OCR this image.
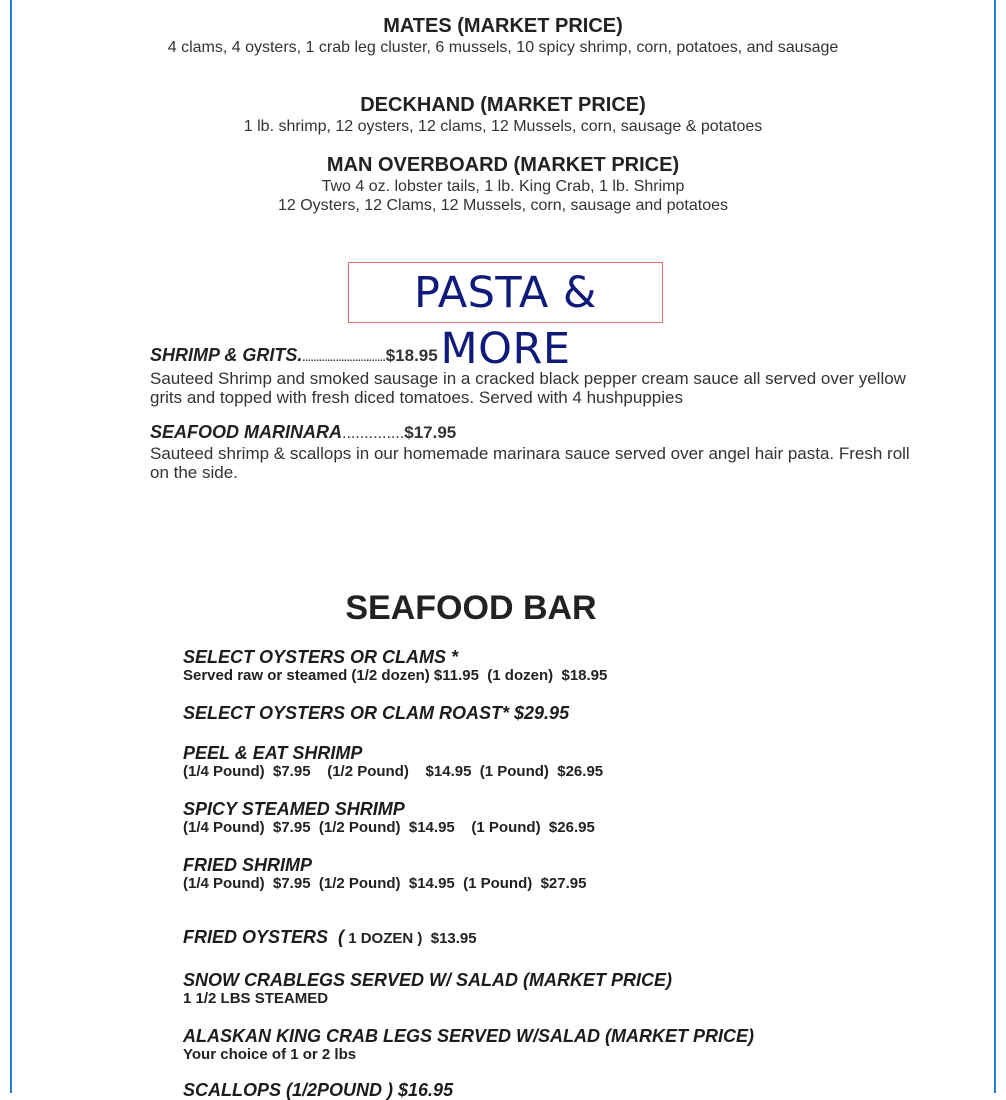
MATES (MARKET PRICE)
4 clams, 4 oysters, 1 crab leg cluster, 6 mussels, 10 spicy shrimp, corn, potatoes, and sausage
DECKHAND (MARKET PRICE)
1 lb. shrimp, 12 oysters, 12 clams, 12 Mussels, corn, sausage & potatoes
MAN OVERBOARD (MARKET PRICE)
Two 4 oz. lobster tails, 1 lb. King Crab, 1 lb. Shrimp
12 Oysters, 12 Clams, 12 Mussels, corn, sausage and potatoes
PASTA & MORE
SHRIMP & GRITS...............................$18.95
Sauteed Shrimp and smoked sausage in a cracked black pepper cream sauce all served over yellow grits and topped with fresh diced tomatoes. Served with 4 hushpuppies
SEAFOOD MARINARA..............$17.95
Sauteed shrimp & scallops in our homemade marinara sauce served over angel hair pasta. Fresh roll on the side.
SEAFOOD BAR
SELECT OYSTERS OR CLAMS *
Served raw or steamed (1/2 dozen) $11.95  (1 dozen)  $18.95
SELECT OYSTERS OR CLAM ROAST* $29.95
PEEL & EAT SHRIMP
(1/4 Pound)  $7.95    (1/2 Pound)    $14.95  (1 Pound)  $26.95
SPICY STEAMED SHRIMP
(1/4 Pound)  $7.95  (1/2 Pound)  $14.95    (1 Pound)  $26.95
FRIED SHRIMP
(1/4 Pound)  $7.95  (1/2 Pound)  $14.95  (1 Pound)  $27.95
FRIED OYSTERS ( 1 DOZEN )  $13.95
SNOW CRABLEGS SERVED W/ SALAD (MARKET PRICE)
1 1/2 LBS STEAMED
ALASKAN KING CRAB LEGS SERVED W/SALAD (MARKET PRICE)
Your choice of 1 or 2 lbs
SCALLOPS (1/2POUND ) $16.95
